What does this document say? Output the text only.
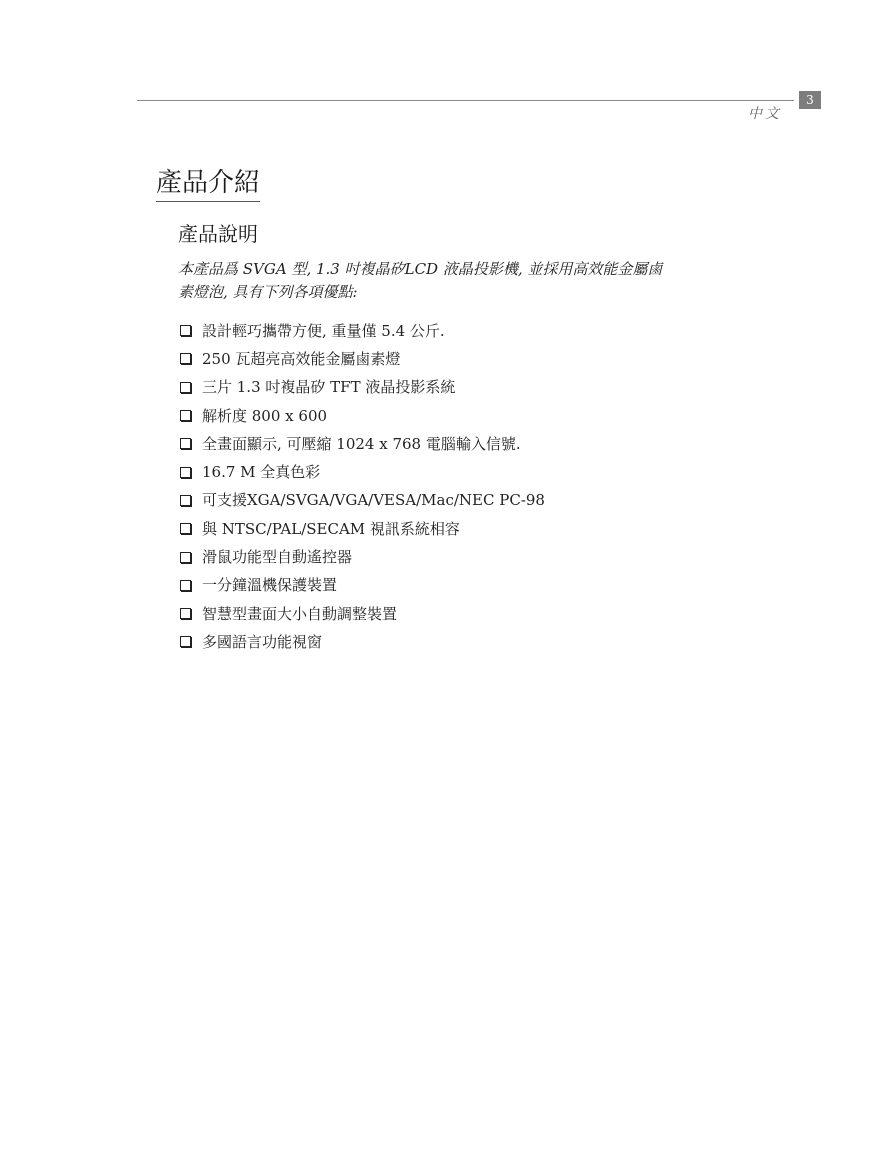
中文
3
產品介紹
產品說明
本產品爲 SVGA 型, 1.3 吋複晶矽LCD 液晶投影機, 並採用高效能金屬鹵
素燈泡, 具有下列各項優點:
設計輕巧攜帶方便, 重量僅 5.4 公斤.
250 瓦超亮高效能金屬鹵素燈
三片 1.3 吋複晶矽 TFT 液晶投影系統
解析度 800 x 600
全畫面顯示, 可壓縮 1024 x 768 電腦輸入信號.
16.7 M 全真色彩
可支援XGA/SVGA/VGA/VESA/Mac/NEC PC-98
與 NTSC/PAL/SECAM 視訊系統相容
滑鼠功能型自動遙控器
一分鐘溫機保護裝置
智慧型畫面大小自動調整裝置
多國語言功能視窗
